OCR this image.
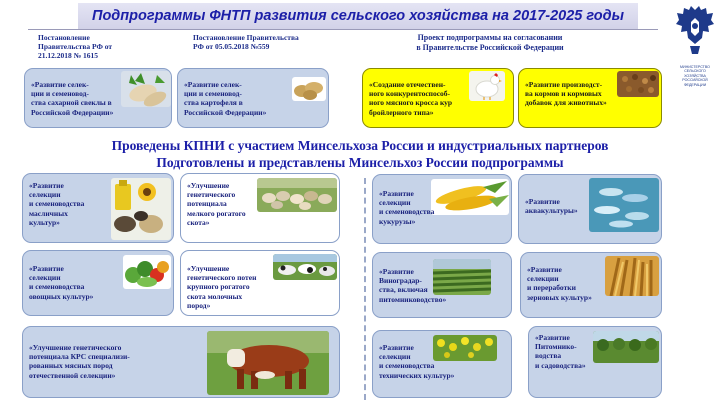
Подпрограммы ФНТП развития сельского хозяйства на 2017-2025 годы
МИНИСТЕРСТВО СЕЛЬСКОГО ХОЗЯЙСТВА РОССИЙСКОЙ ФЕДЕРАЦИИ
Постановление
Правительства РФ от
21.12.2018 № 1615
Постановление Правительства
РФ от 05.05.2018 №559
Проект подпрограммы на согласовании
в Правительстве Российской Федерации
«Развитие селек-
ции и семеновод-
ства сахарной свеклы в
Российской Федерации»
«Развитие селек-
ции и семеновод-
ства картофеля в
Российской Федерации»
«Создание отечествен-
ного конкурентоспособ-
ного мясного кросса кур
бройлерного типа»
«Развитие производст-
ва кормов и кормовых
добавок для животных»
Проведены КПНИ с участием Минсельхоза России и индустриальных партнеров
Подготовлены и представлены Минсельхоз России подпрограммы
«Развитие
селекции
и семеноводства
масличных
культур»
«Улучшение
генетического
потенциала
мелкого рогатого
скота»
«Развитие
селекции
и семеноводства
овощных культур»
«Улучшение
генетического потен
крупного рогатого
скота молочных
пород»
«Улучшение генетического
потенциала КРС специализи-
рованных мясных пород
отечественной селекции»
«Развитие
селекции
и семеноводства
кукурузы»
«Развитие
аквакультуры»
«Развитие
Виноградар-
ства, включая
питомниководство»
«Развитие
селекции
и переработки
зерновых культур»
«Развитие
селекции
и семеноводства
технических культур»
«Развитие
Питомнико-
водства
и садоводства»
